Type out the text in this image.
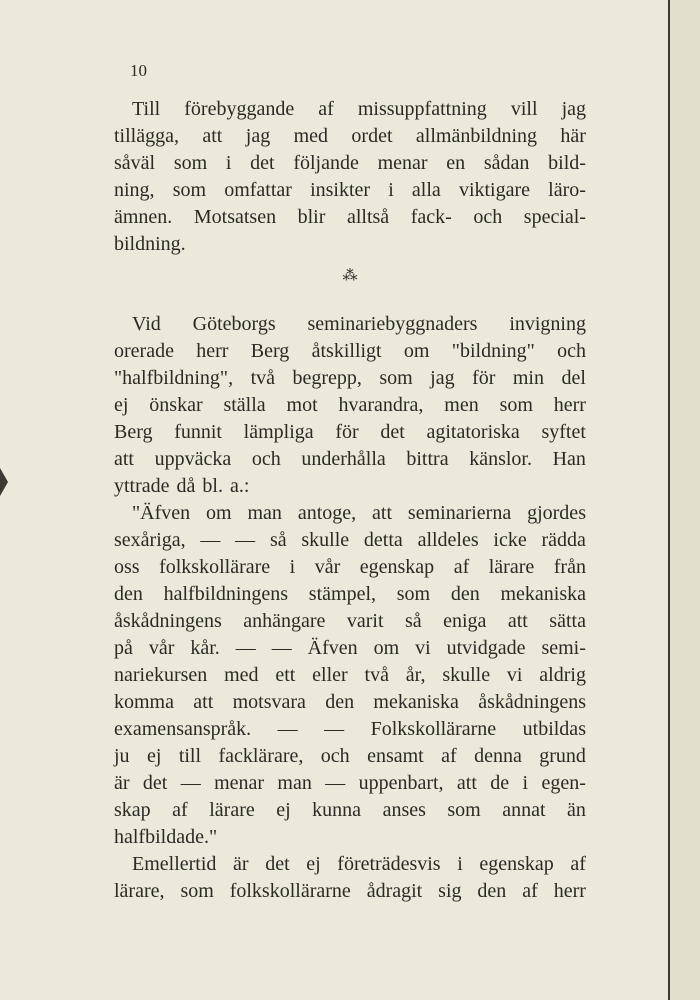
10
Till förebyggande af missuppfattning vill jag
tillägga, att jag med ordet allmänbildning här
såväl som i det följande menar en sådan bild-
ning, som omfattar insikter i alla viktigare läro-
ämnen. Motsatsen blir alltså fack- och special-
bildning.
⁂
Vid Göteborgs seminariebyggnaders invigning
orerade herr Berg åtskilligt om "bildning" och
"halfbildning", två begrepp, som jag för min del
ej önskar ställa mot hvarandra, men som herr
Berg funnit lämpliga för det agitatoriska syftet
att uppväcka och underhålla bittra känslor. Han
yttrade då bl. a.:
"Äfven om man antoge, att seminarierna gjordes
sexåriga, — — så skulle detta alldeles icke rädda
oss folkskollärare i vår egenskap af lärare från
den halfbildningens stämpel, som den mekaniska
åskådningens anhängare varit så eniga att sätta
på vår kår. — — Äfven om vi utvidgade semi-
nariekursen med ett eller två år, skulle vi aldrig
komma att motsvara den mekaniska åskådningens
examensanspråk. — — Folkskollärarne utbildas
ju ej till facklärare, och ensamt af denna grund
är det — menar man — uppenbart, att de i egen-
skap af lärare ej kunna anses som annat än
halfbildade."
Emellertid är det ej företrädesvis i egenskap af
lärare, som folkskollärarne ådragit sig den af herr
